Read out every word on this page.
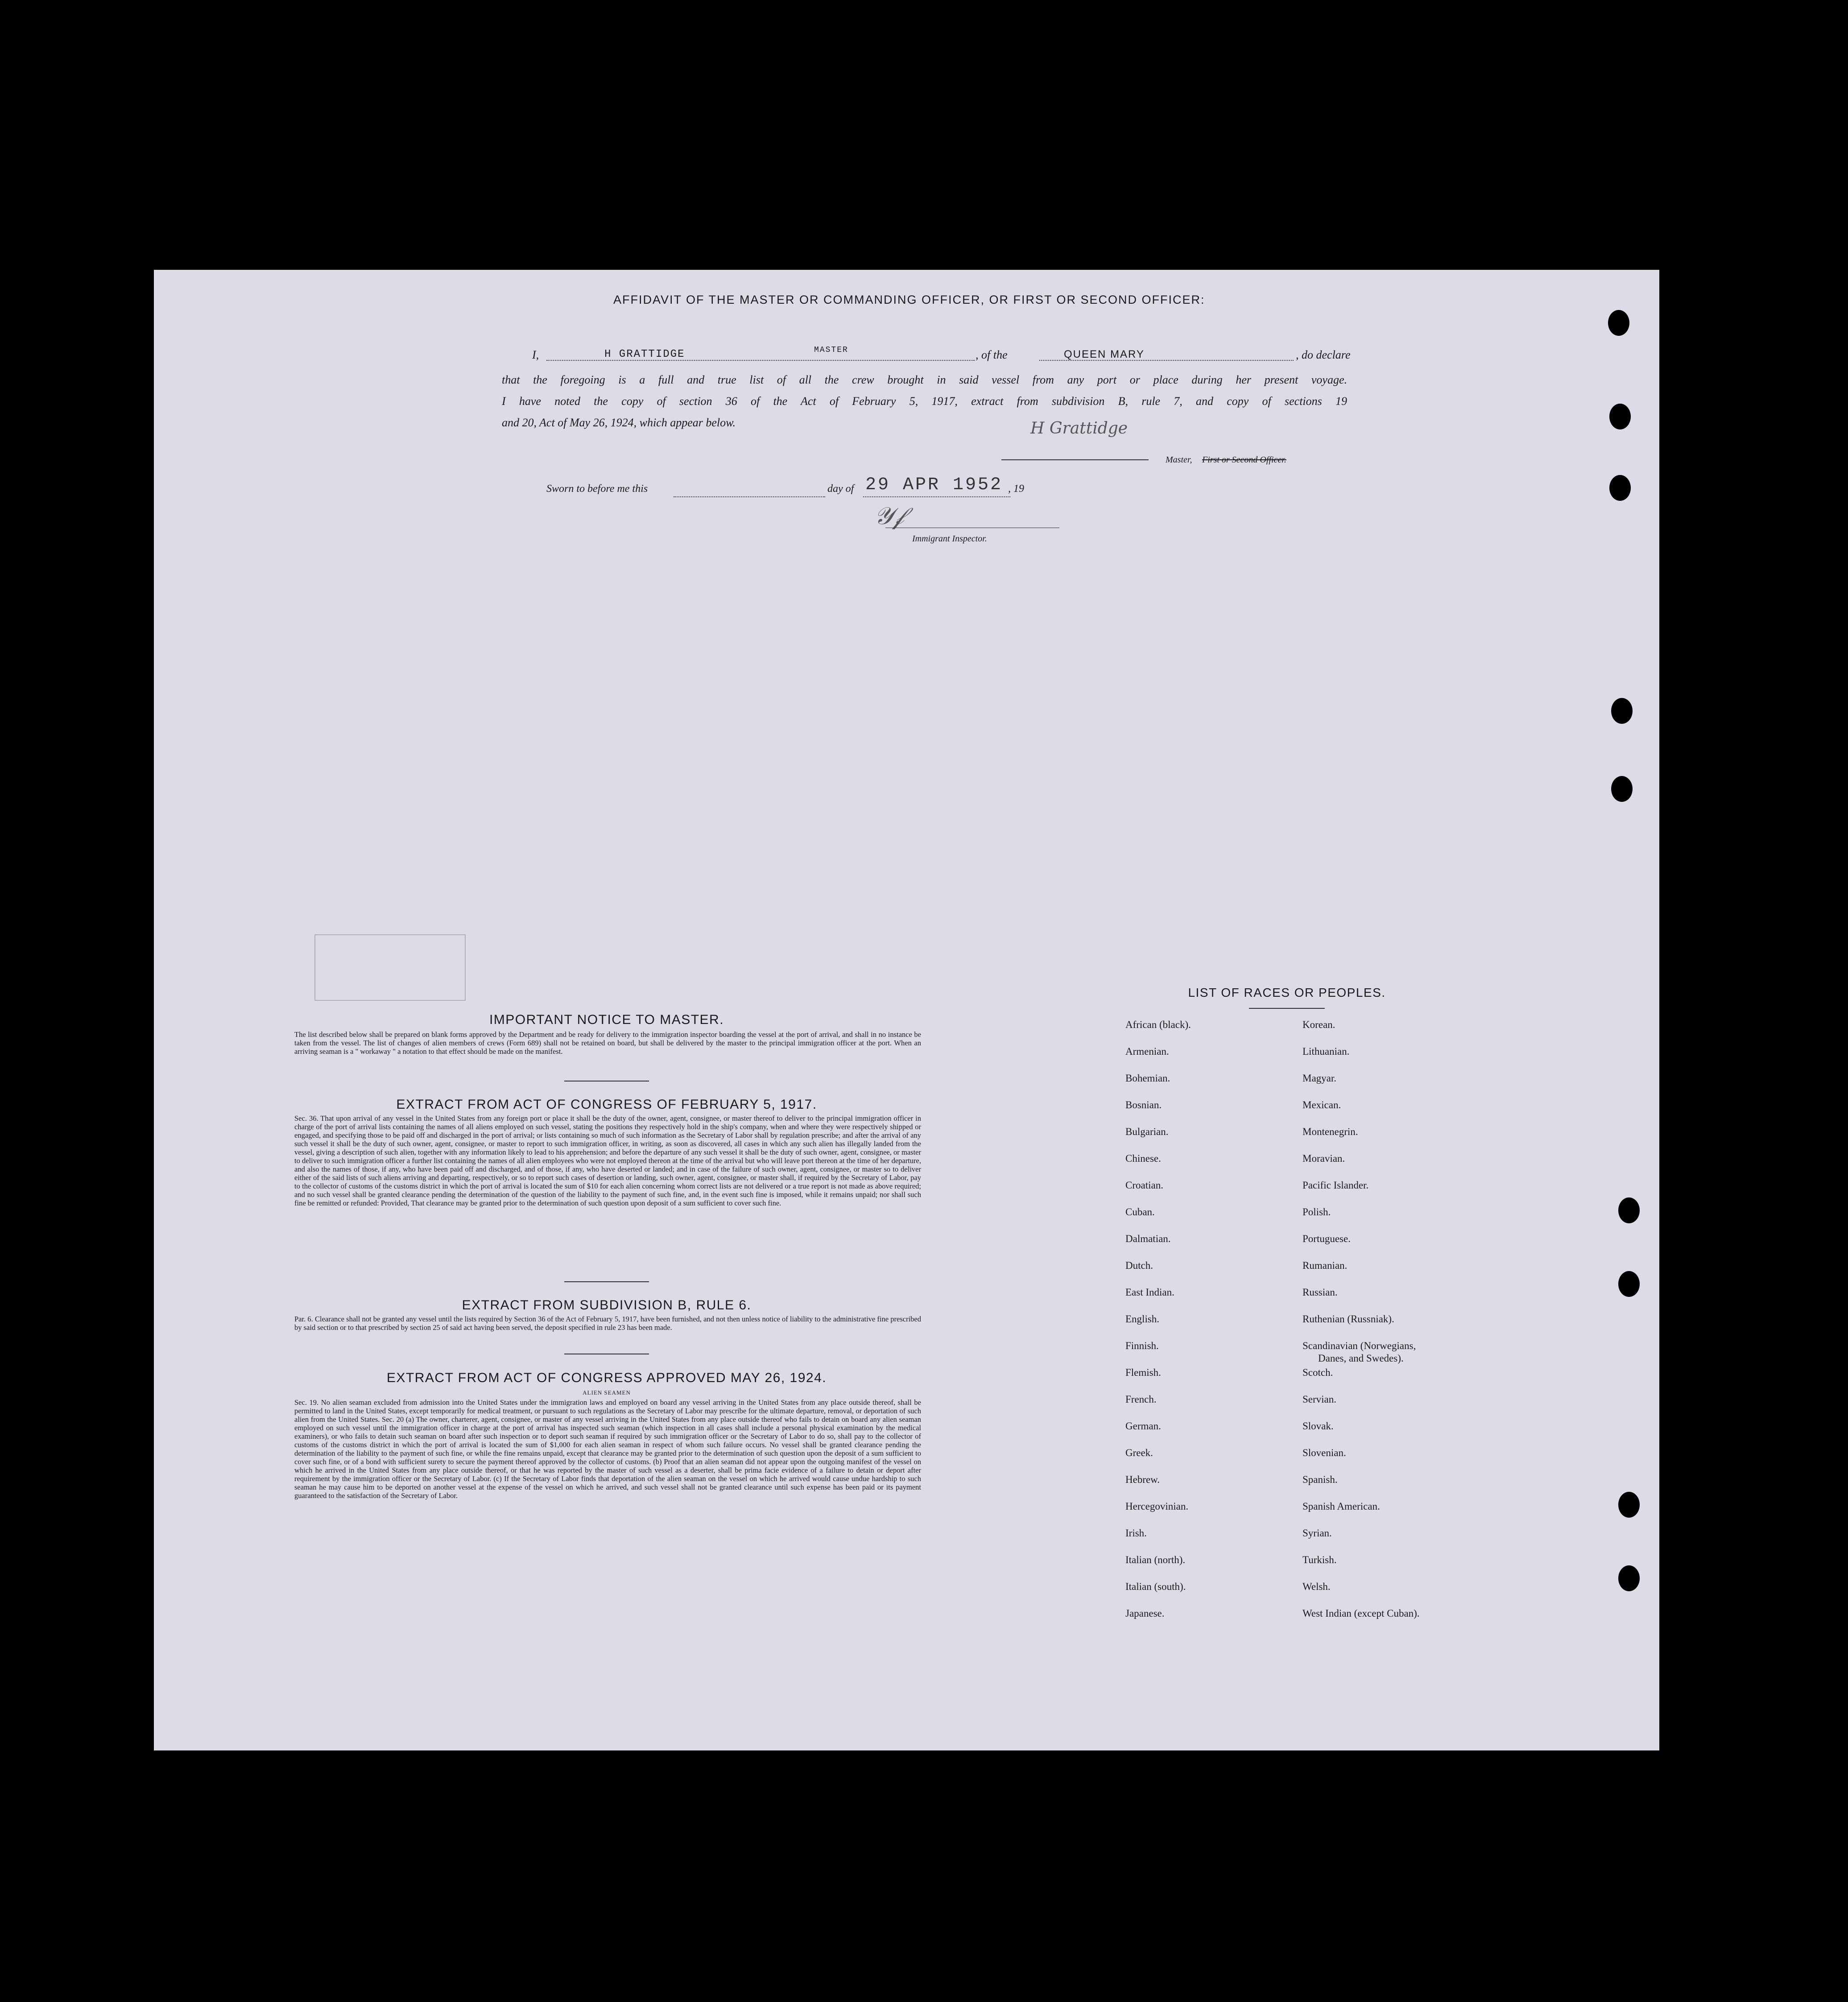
AFFIDAVIT OF THE MASTER OR COMMANDING OFFICER, OR FIRST OR SECOND OFFICER:
I,	H GRATTIDGE	MASTER	, of the	QUEEN MARY	, do declare
that the foregoing is a full and true list of all the crew brought in said vessel from any port or place during her present voyage.
I have noted the copy of section 36 of the Act of February 5, 1917, extract from subdivision B, rule 7, and copy of sections 19
and 20, Act of May 26, 1924, which appear below.	H Grattidge
Master, First or Second Officer.
Sworn to before me this	day of 29 APR 1952 , 19
𝒴𝒻
Immigrant Inspector.
IMPORTANT NOTICE TO MASTER.
The list described below shall be prepared on blank forms approved by the Department and be ready for delivery to the immigration inspector boarding the vessel at the port of arrival, and shall in no instance be taken from the vessel. The list of changes of alien members of crews (Form 689) shall not be retained on board, but shall be delivered by the master to the principal immigration officer at the port. When an arriving seaman is a " workaway " a notation to that effect should be made on the manifest.
EXTRACT FROM ACT OF CONGRESS OF FEBRUARY 5, 1917.
Sec. 36. That upon arrival of any vessel in the United States from any foreign port or place it shall be the duty of the owner, agent, consignee, or master thereof to deliver to the principal immigration officer in charge of the port of arrival lists containing the names of all aliens employed on such vessel, stating the positions they respectively hold in the ship's company, when and where they were respectively shipped or engaged, and specifying those to be paid off and discharged in the port of arrival; or lists containing so much of such information as the Secretary of Labor shall by regulation prescribe; and after the arrival of any such vessel it shall be the duty of such owner, agent, consignee, or master to report to such immigration officer, in writing, as soon as discovered, all cases in which any such alien has illegally landed from the vessel, giving a description of such alien, together with any information likely to lead to his apprehension; and before the departure of any such vessel it shall be the duty of such owner, agent, consignee, or master to deliver to such immigration officer a further list containing the names of all alien employees who were not employed thereon at the time of the arrival but who will leave port thereon at the time of her departure, and also the names of those, if any, who have been paid off and discharged, and of those, if any, who have deserted or landed; and in case of the failure of such owner, agent, consignee, or master so to deliver either of the said lists of such aliens arriving and departing, respectively, or so to report such cases of desertion or landing, such owner, agent, consignee, or master shall, if required by the Secretary of Labor, pay to the collector of customs of the customs district in which the port of arrival is located the sum of $10 for each alien concerning whom correct lists are not delivered or a true report is not made as above required; and no such vessel shall be granted clearance pending the determination of the question of the liability to the payment of such fine, and, in the event such fine is imposed, while it remains unpaid; nor shall such fine be remitted or refunded: Provided, That clearance may be granted prior to the determination of such question upon deposit of a sum sufficient to cover such fine.
EXTRACT FROM SUBDIVISION B, RULE 6.
Par. 6. Clearance shall not be granted any vessel until the lists required by Section 36 of the Act of February 5, 1917, have been furnished, and not then unless notice of liability to the administrative fine prescribed by said section or to that prescribed by section 25 of said act having been served, the deposit specified in rule 23 has been made.
EXTRACT FROM ACT OF CONGRESS APPROVED MAY 26, 1924.
ALIEN SEAMEN
Sec. 19. No alien seaman excluded from admission into the United States under the immigration laws and employed on board any vessel arriving in the United States from any place outside thereof, shall be permitted to land in the United States, except temporarily for medical treatment, or pursuant to such regulations as the Secretary of Labor may prescribe for the ultimate departure, removal, or deportation of such alien from the United States. Sec. 20 (a) The owner, charterer, agent, consignee, or master of any vessel arriving in the United States from any place outside thereof who fails to detain on board any alien seaman employed on such vessel until the immigration officer in charge at the port of arrival has inspected such seaman (which inspection in all cases shall include a personal physical examination by the medical examiners), or who fails to detain such seaman on board after such inspection or to deport such seaman if required by such immigration officer or the Secretary of Labor to do so, shall pay to the collector of customs of the customs district in which the port of arrival is located the sum of $1,000 for each alien seaman in respect of whom such failure occurs. No vessel shall be granted clearance pending the determination of the liability to the payment of such fine, or while the fine remains unpaid, except that clearance may be granted prior to the determination of such question upon the deposit of a sum sufficient to cover such fine, or of a bond with sufficient surety to secure the payment thereof approved by the collector of customs. (b) Proof that an alien seaman did not appear upon the outgoing manifest of the vessel on which he arrived in the United States from any place outside thereof, or that he was reported by the master of such vessel as a deserter, shall be prima facie evidence of a failure to detain or deport after requirement by the immigration officer or the Secretary of Labor. (c) If the Secretary of Labor finds that deportation of the alien seaman on the vessel on which he arrived would cause undue hardship to such seaman he may cause him to be deported on another vessel at the expense of the vessel on which he arrived, and such vessel shall not be granted clearance until such expense has been paid or its payment guaranteed to the satisfaction of the Secretary of Labor.
LIST OF RACES OR PEOPLES.
African (black).
Armenian.
Bohemian.
Bosnian.
Bulgarian.
Chinese.
Croatian.
Cuban.
Dalmatian.
Dutch.
East Indian.
English.
Finnish.
Flemish.
French.
German.
Greek.
Hebrew.
Hercegovinian.
Irish.
Italian (north).
Italian (south).
Japanese.
Korean.
Lithuanian.
Magyar.
Mexican.
Montenegrin.
Moravian.
Pacific Islander.
Polish.
Portuguese.
Rumanian.
Russian.
Ruthenian (Russniak).
Scandinavian (Norwegians,
Scotch.
Servian.
Slovak.
Slovenian.
Spanish.
Spanish American.
Syrian.
Turkish.
Welsh.
West Indian (except Cuban).
Danes, and Swedes).
